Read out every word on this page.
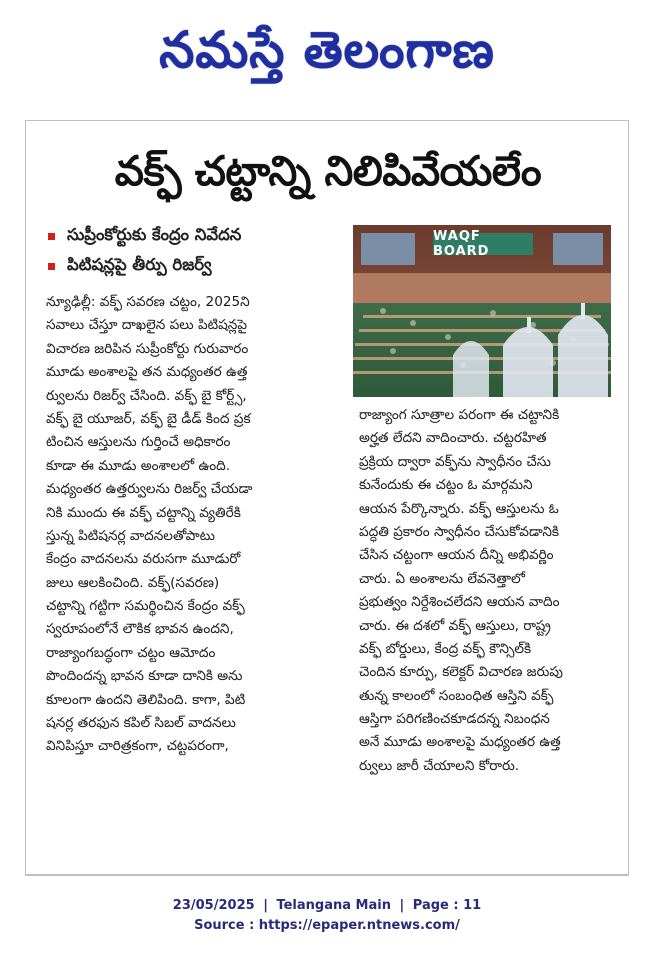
నమస్తే తెలంగాణ
వక్ఫ్ చట్టాన్ని నిలిపివేయలేం
సుప్రీంకోర్టుకు కేంద్రం నివేదన
పిటిషన్లపై తీర్పు రిజర్వ్
WAQF BOARD
న్యూఢిల్లీ: వక్ఫ్ సవరణ చట్టం, 2025ని
సవాలు చేస్తూ దాఖలైన పలు పిటిషన్లపై
విచారణ జరిపిన సుప్రీంకోర్టు గురువారం
మూడు అంశాలపై తన మధ్యంతర ఉత్త
ర్వులను రిజర్వ్ చేసింది. వక్ఫ్ బై కోర్ట్స్,
వక్ఫ్ బై యూజర్, వక్ఫ్ బై డీడ్ కింద ప్రక
టించిన ఆస్తులను గుర్తించే అధికారం
కూడా ఈ మూడు అంశాలలో ఉంది.
మధ్యంతర ఉత్తర్వులను రిజర్వ్ చేయడా
నికి ముందు ఈ వక్ఫ్ చట్టాన్ని వ్యతిరేకి
స్తున్న పిటిషనర్ల వాదనలతోపాటు
కేంద్రం వాదనలను వరుసగా మూడురో
జులు ఆలకించింది. వక్ఫ్(సవరణ)
చట్టాన్ని గట్టిగా సమర్థించిన కేంద్రం వక్ఫ్
స్వరూపంలోనే లౌకిక భావన ఉందని,
రాజ్యాంగబద్ధంగా చట్టం ఆమోదం
పొందిందన్న భావన కూడా దానికి అను
కూలంగా ఉందని తెలిపింది. కాగా, పిటి
షనర్ల తరఫున కపిల్ సిబల్ వాదనలు
వినిపిస్తూ చారిత్రకంగా, చట్టపరంగా,
రాజ్యాంగ సూత్రాల పరంగా ఈ చట్టానికి
అర్హత లేదని వాదించారు. చట్టరహిత
ప్రక్రియ ద్వారా వక్ఫ్‌ను స్వాధీనం చేసు
కునేందుకు ఈ చట్టం ఓ మార్గమని
ఆయన పేర్కొన్నారు. వక్ఫ్ ఆస్తులను ఓ
పద్ధతి ప్రకారం స్వాధీనం చేసుకోవడానికి
చేసిన చట్టంగా ఆయన దీన్ని అభివర్ణిం
చారు. ఏ అంశాలను లేవనెత్తాలో
ప్రభుత్వం నిర్దేశించలేదని ఆయన వాదిం
చారు. ఈ దశలో వక్ఫ్ ఆస్తులు, రాష్ట్ర
వక్ఫ్ బోర్డులు, కేంద్ర వక్ఫ్ కౌన్సిల్‌కి
చెందిన కూర్పు, కలెక్టర్ విచారణ జరుపు
తున్న కాలంలో సంబంధిత ఆస్తిని వక్ఫ్
ఆస్తిగా పరిగణించకూడదన్న నిబంధన
అనే మూడు అంశాలపై మధ్యంతర ఉత్త
ర్వులు జారీ చేయాలని కోరారు.
23/05/2025 | Telangana Main | Page : 11
Source : https://epaper.ntnews.com/
